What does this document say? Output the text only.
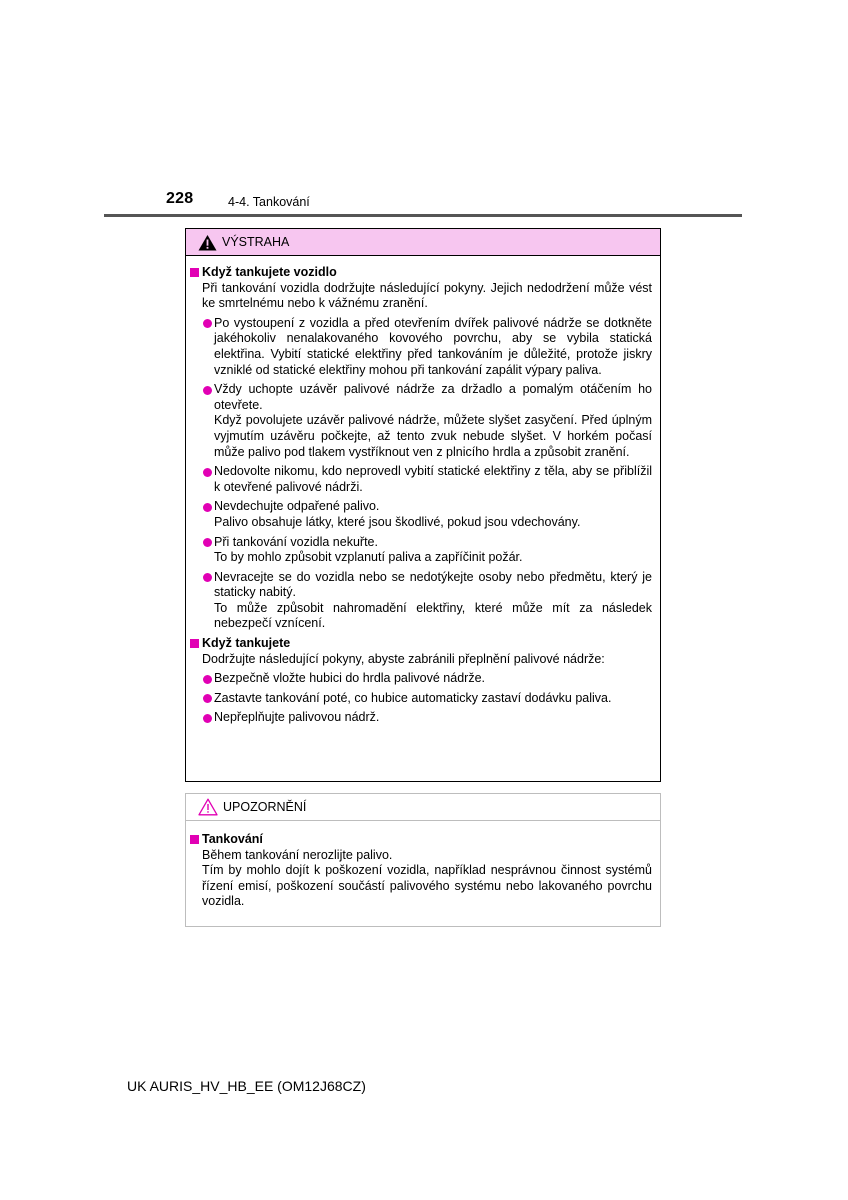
228	4-4. Tankování
VÝSTRAHA
Když tankujete vozidlo
Při tankování vozidla dodržujte následující pokyny. Jejich nedodržení může vést ke smrtelnému nebo k vážnému zranění.
Po vystoupení z vozidla a před otevřením dvířek palivové nádrže se dotkněte jakéhokoliv nenalakovaného kovového povrchu, aby se vybila statická elektřina. Vybití statické elektřiny před tankováním je důležité, protože jiskry vzniklé od statické elektřiny mohou při tankování zapálit výpary paliva.
Vždy uchopte uzávěr palivové nádrže za držadlo a pomalým otáčením ho otevřete.
Když povolujete uzávěr palivové nádrže, můžete slyšet zasyčení. Před úplným vyjmutím uzávěru počkejte, až tento zvuk nebude slyšet. V horkém počasí může palivo pod tlakem vystříknout ven z plnicího hrdla a způsobit zranění.
Nedovolte nikomu, kdo neprovedl vybití statické elektřiny z těla, aby se přiblížil k otevřené palivové nádrži.
Nevdechujte odpařené palivo.
Palivo obsahuje látky, které jsou škodlivé, pokud jsou vdechovány.
Při tankování vozidla nekuřte.
To by mohlo způsobit vzplanutí paliva a zapříčinit požár.
Nevracejte se do vozidla nebo se nedotýkejte osoby nebo předmětu, který je staticky nabitý.
To může způsobit nahromadění elektřiny, které může mít za následek nebezpečí vznícení.
Když tankujete
Dodržujte následující pokyny, abyste zabránili přeplnění palivové nádrže:
Bezpečně vložte hubici do hrdla palivové nádrže.
Zastavte tankování poté, co hubice automaticky zastaví dodávku paliva.
Nepřeplňujte palivovou nádrž.
UPOZORNĚNÍ
Tankování
Během tankování nerozlijte palivo.
Tím by mohlo dojít k poškození vozidla, například nesprávnou činnost systémů řízení emisí, poškození součástí palivového systému nebo lakovaného povrchu vozidla.
UK AURIS_HV_HB_EE (OM12J68CZ)
